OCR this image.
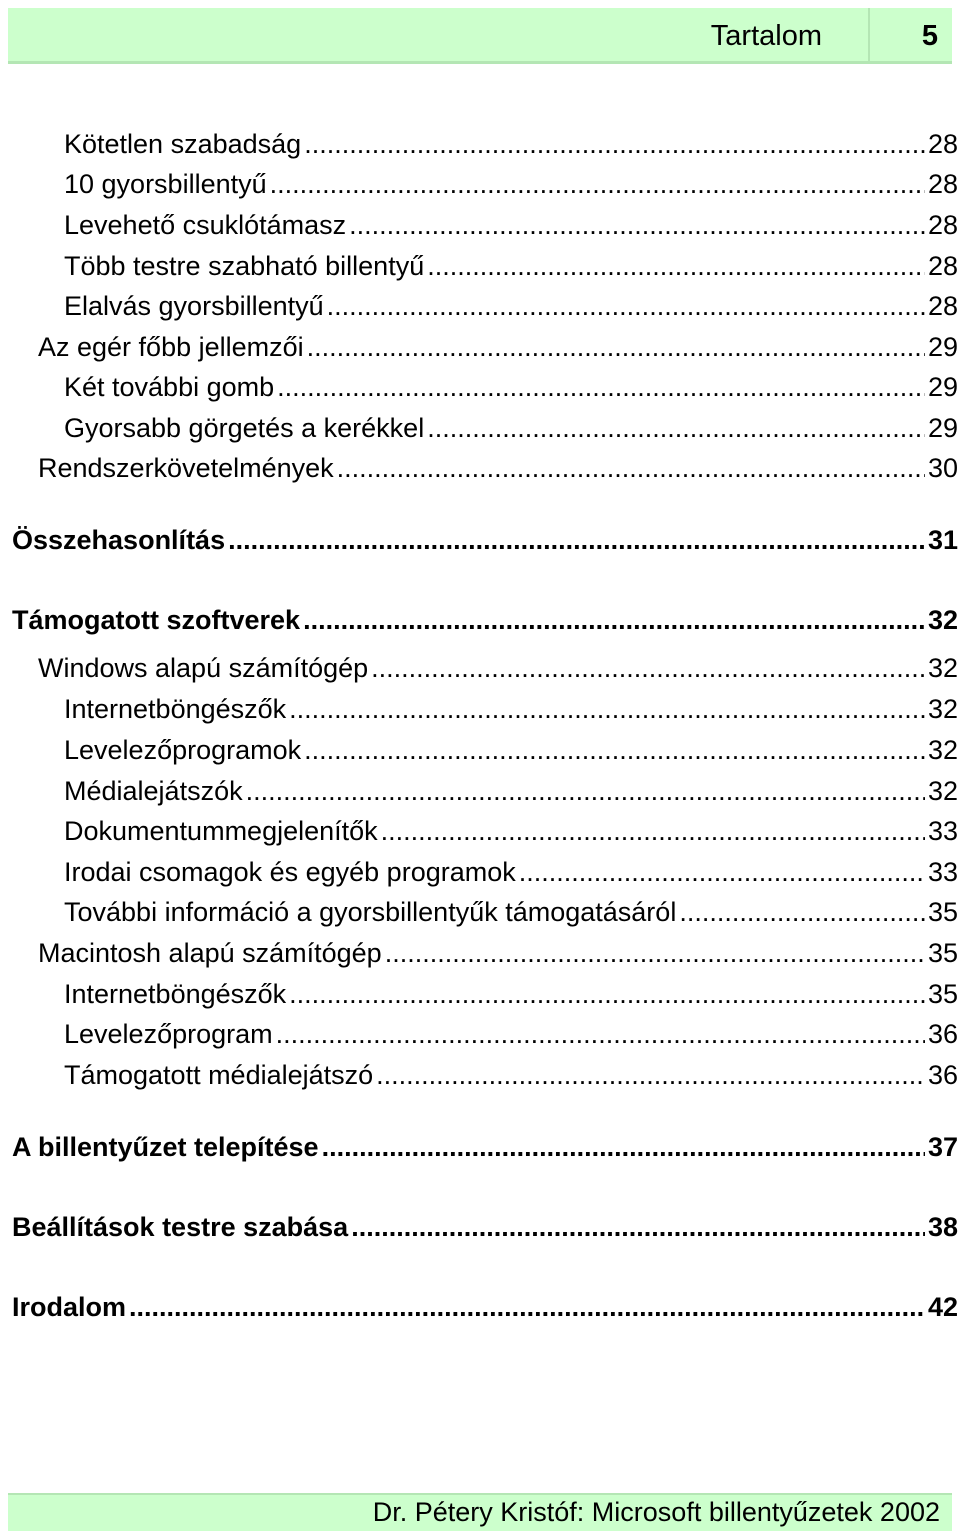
Tartalom	5
Kötetlen szabadság .....	28
10 gyorsbillentyű .....	28
Levehető csuklótámasz .....	28
Több testre szabható billentyű .....	28
Elalvás gyorsbillentyű .....	28
Az egér főbb jellemzői .....	29
Két további gomb .....	29
Gyorsabb görgetés a kerékkel .....	29
Rendszerkövetelmények .....	30
Összehasonlítás .....	31
Támogatott szoftverek .....	32
Windows alapú számítógép .....	32
Internetböngészők .....	32
Levelezőprogramok .....	32
Médialejátszók .....	32
Dokumentummegjelenítők .....	33
Irodai csomagok és egyéb programok .....	33
További információ a gyorsbillentyűk támogatásáról .....	35
Macintosh alapú számítógép .....	35
Internetböngészők .....	35
Levelezőprogram .....	36
Támogatott médialejátszó .....	36
A billentyűzet telepítése .....	37
Beállítások testre szabása .....	38
Irodalom .....	42
Dr. Pétery Kristóf: Microsoft billentyűzetek 2002
